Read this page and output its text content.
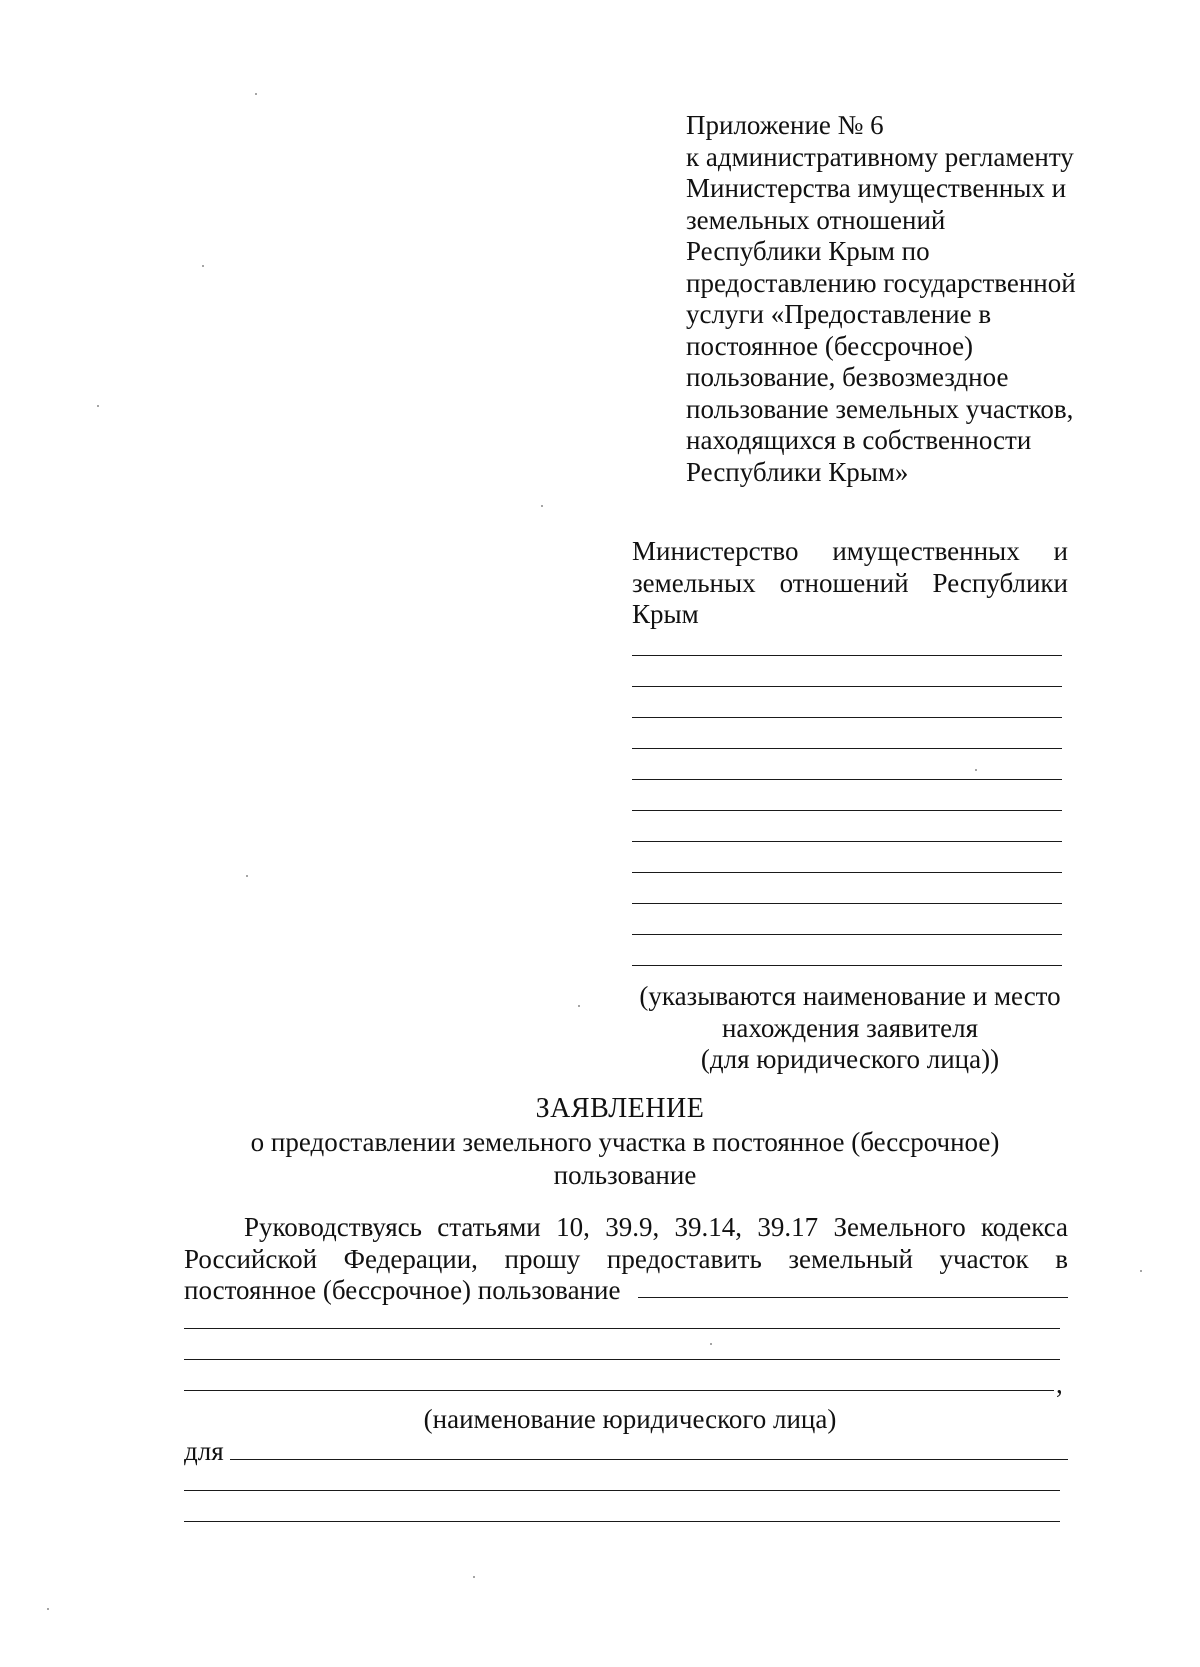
Приложение № 6
к административному регламенту
Министерства имущественных и
земельных отношений
Республики Крым по
предоставлению государственной
услуги «Предоставление в
постоянное (бессрочное)
пользование, безвозмездное
пользование земельных участков,
находящихся в собственности
Республики Крым»
Министерство имущественных и земельных отношений Республики Крым
(указываются наименование и место
нахождения заявителя
(для юридического лица))
ЗАЯВЛЕНИЕ
о предоставлении земельного участка в постоянное (бессрочное)
пользование
Руководствуясь статьями 10, 39.9, 39.14, 39.17 Земельного кодекса
Российской Федерации, прошу предоставить земельный участок в
постоянное (бессрочное) пользование
,
(наименование юридического лица)
для
